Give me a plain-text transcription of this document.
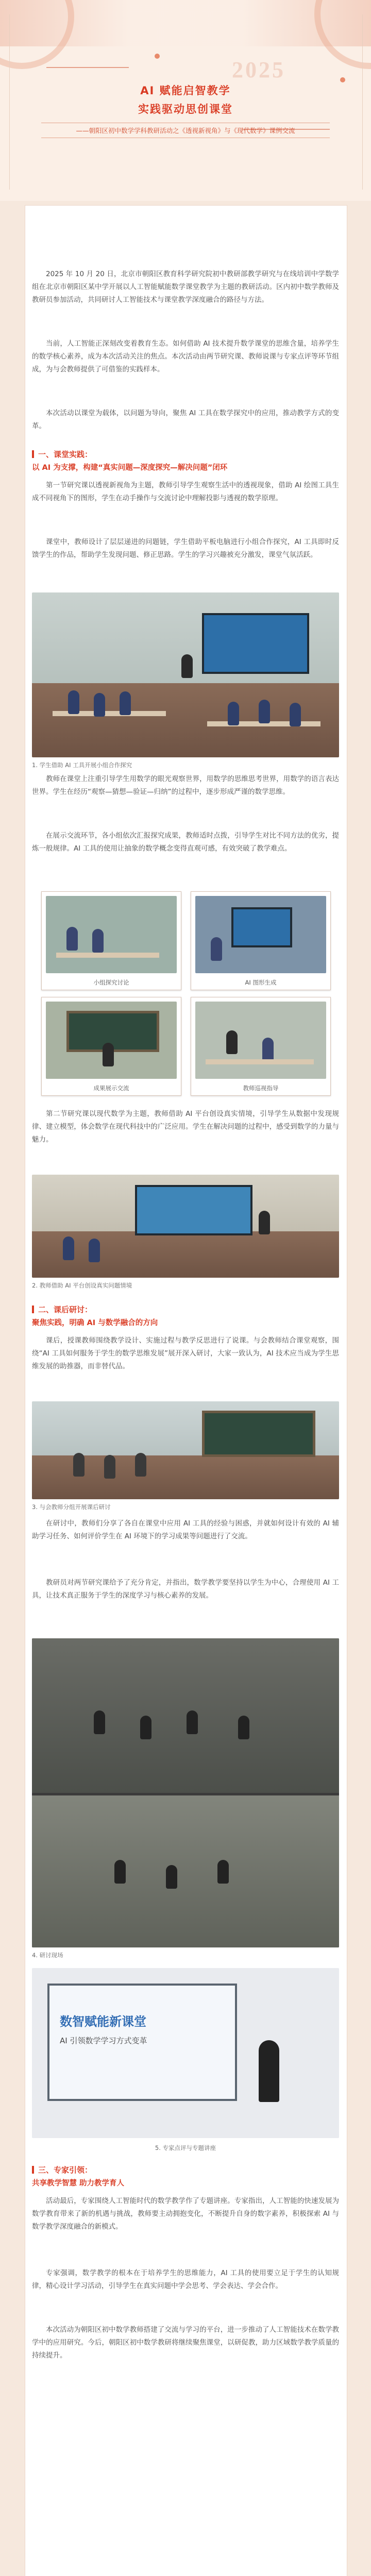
2025
AI 赋能启智教学
实践驱动思创课堂
——朝阳区初中数学学科教研活动之《透视新视角》与《现代数学》课例交流

2025 年 10 月 20 日，北京市朝阳区教育科学研究院初中教研部教学研究与在线培训中学数学组在北京市朝阳区某中学开展以人工智能赋能数学课堂教学为主题的教研活动。区内初中数学教师及教研员参加活动，共同研讨人工智能技术与课堂教学深度融合的路径与方法。

当前，人工智能正深刻改变着教育生态。如何借助 AI 技术提升数学课堂的思维含量，培养学生的数学核心素养，成为本次活动关注的焦点。本次活动由两节研究课、教师说课与专家点评等环节组成，为与会教师提供了可借鉴的实践样本。

本次活动以课堂为载体，以问题为导向，聚焦 AI 工具在数学探究中的应用，推动教学方式的变革。

一、课堂实践：
以 AI 为支撑，构建“真实问题—深度探究—解决问题”闭环

第一节研究课以透视新视角为主题，教师引导学生观察生活中的透视现象，借助 AI 绘图工具生成不同视角下的图形，学生在动手操作与交流讨论中理解投影与透视的数学原理。

课堂中，教师设计了层层递进的问题链，学生借助平板电脑进行小组合作探究，AI 工具即时反馈学生的作品，帮助学生发现问题、修正思路。学生的学习兴趣被充分激发，课堂气氛活跃。

1. 学生借助 AI 工具开展小组合作探究

教师在课堂上注重引导学生用数学的眼光观察世界，用数学的思维思考世界，用数学的语言表达世界。学生在经历“观察—猜想—验证—归纳”的过程中，逐步形成严谨的数学思维。

在展示交流环节，各小组依次汇报探究成果，教师适时点拨，引导学生对比不同方法的优劣，提炼一般规律。AI 工具的使用让抽象的数学概念变得直观可感，有效突破了教学难点。

小组探究讨论	AI 图形生成
成果展示交流	教师巡视指导

第二节研究课以现代数学为主题，教师借助 AI 平台创设真实情境，引导学生从数据中发现规律、建立模型，体会数学在现代科技中的广泛应用。学生在解决问题的过程中，感受到数学的力量与魅力。

2. 教师借助 AI 平台创设真实问题情境
二、课后研讨：
聚焦实践，明确 AI 与数学融合的方向

课后，授课教师围绕教学设计、实施过程与教学反思进行了说课。与会教师结合课堂观察，围绕“AI 工具如何服务于学生的数学思维发展”展开深入研讨，大家一致认为，AI 技术应当成为学生思维发展的助推器，而非替代品。

3. 与会教师分组开展课后研讨

在研讨中，教师们分享了各自在课堂中应用 AI 工具的经验与困惑，并就如何设计有效的 AI 辅助学习任务、如何评价学生在 AI 环境下的学习成果等问题进行了交流。

教研员对两节研究课给予了充分肯定，并指出，数学教学要坚持以学生为中心，合理使用 AI 工具，让技术真正服务于学生的深度学习与核心素养的发展。

4. 研讨现场
数智赋能新课堂
AI 引领数学学习方式变革
5. 专家点评与专题讲座
三、专家引领：
共享教学智慧 助力教学育人

活动最后，专家围绕人工智能时代的数学教学作了专题讲座。专家指出，人工智能的快速发展为数学教育带来了新的机遇与挑战，教师要主动拥抱变化，不断提升自身的数字素养，积极探索 AI 与数学教学深度融合的新模式。

专家强调，数学教学的根本在于培养学生的思维能力，AI 工具的使用要立足于学生的认知规律，精心设计学习活动，引导学生在真实问题中学会思考、学会表达、学会合作。

本次活动为朝阳区初中数学教师搭建了交流与学习的平台，进一步推动了人工智能技术在数学教学中的应用研究。今后，朝阳区初中数学教研将继续聚焦课堂，以研促教，助力区域数学教学质量的持续提升。
